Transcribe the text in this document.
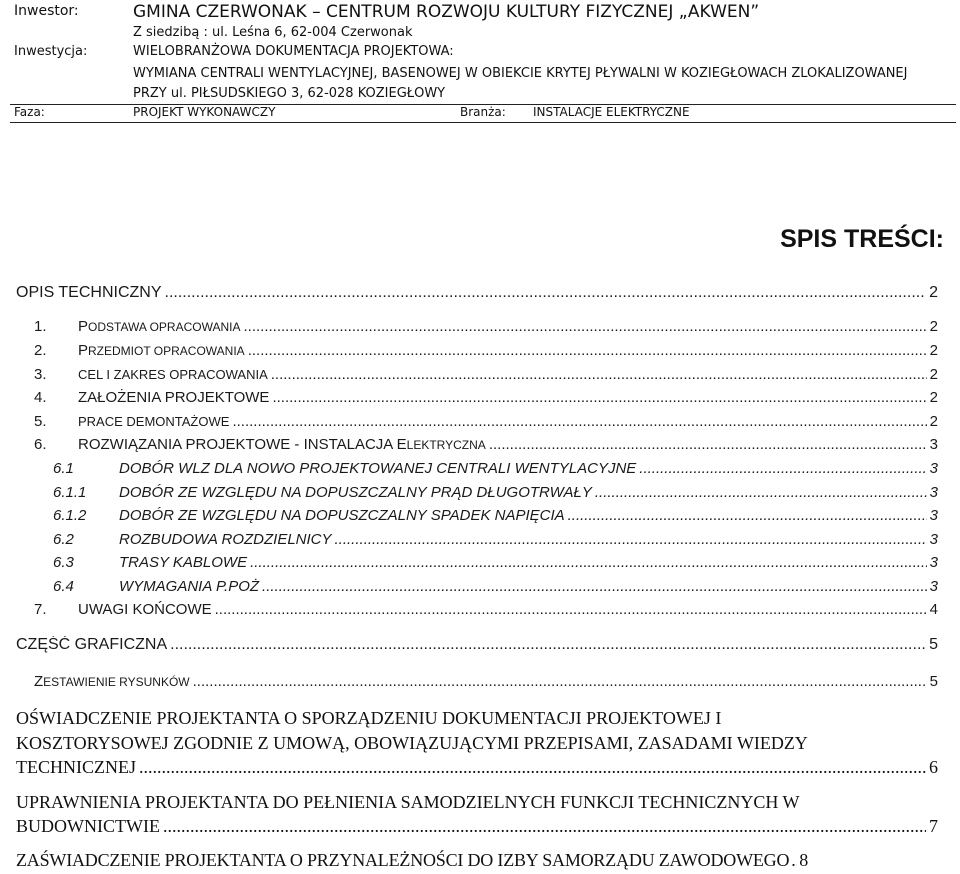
Inwestor:	GMINA CZERWONAK – CENTRUM ROZWOJU KULTURY FIZYCZNEJ „AKWEN”
Z siedzibą : ul. Leśna 6, 62-004 Czerwonak
Inwestycja:	WIELOBRANŻOWA DOKUMENTACJA PROJEKTOWA:
WYMIANA CENTRALI WENTYLACYJNEJ, BASENOWEJ W OBIEKCIE KRYTEJ PŁYWALNI W KOZIEGŁOWACH ZLOKALIZOWANEJ
PRZY ul. PIŁSUDSKIEGO 3, 62-028 KOZIEGŁOWY
Faza:	PROJEKT WYKONAWCZY	Branża: INSTALACJE ELEKTRYCZNE
SPIS TREŚCI:
OPIS TECHNICZNY .....	2
1.	PODSTAWA OPRACOWANIA .....	2
2.	PRZEDMIOT OPRACOWANIA .....	2
3.	CEL I ZAKRES OPRACOWANIA .....	2
4.	ZAŁOŻENIA PROJEKTOWE .....	2
5.	PRACE DEMONTAŻOWE .....	2
6.	ROZWIĄZANIA PROJEKTOWE - INSTALACJA ELEKTRYCZNA .....	3
6.1	DOBÓR WLZ DLA NOWO PROJEKTOWANEJ CENTRALI WENTYLACYJNE .....	3
6.1.1	DOBÓR ZE WZGLĘDU NA DOPUSZCZALNY PRĄD DŁUGOTRWAŁY .....	3
6.1.2	DOBÓR ZE WZGLĘDU NA DOPUSZCZALNY SPADEK NAPIĘCIA .....	3
6.2	ROZBUDOWA ROZDZIELNICY .....	3
6.3	TRASY KABLOWE .....	3
6.4	WYMAGANIA P.POŻ .....	3
7.	UWAGI KOŃCOWE .....	4
CZĘŚĆ GRAFICZNA .....	5
ZESTAWIENIE RYSUNKÓW .....	5
OŚWIADCZENIE PROJEKTANTA O SPORZĄDZENIU DOKUMENTACJI PROJEKTOWEJ I
KOSZTORYSOWEJ ZGODNIE Z UMOWĄ, OBOWIĄZUJĄCYMI PRZEPISAMI, ZASADAMI WIEDZY
TECHNICZNEJ .....	6
UPRAWNIENIA PROJEKTANTA DO PEŁNIENIA SAMODZIELNYCH FUNKCJI TECHNICZNYCH W
BUDOWNICTWIE .....	7
ZAŚWIADCZENIE PROJEKTANTA O PRZYNALEŻNOŚCI DO IZBY SAMORZĄDU ZAWODOWEGO ..... 8
